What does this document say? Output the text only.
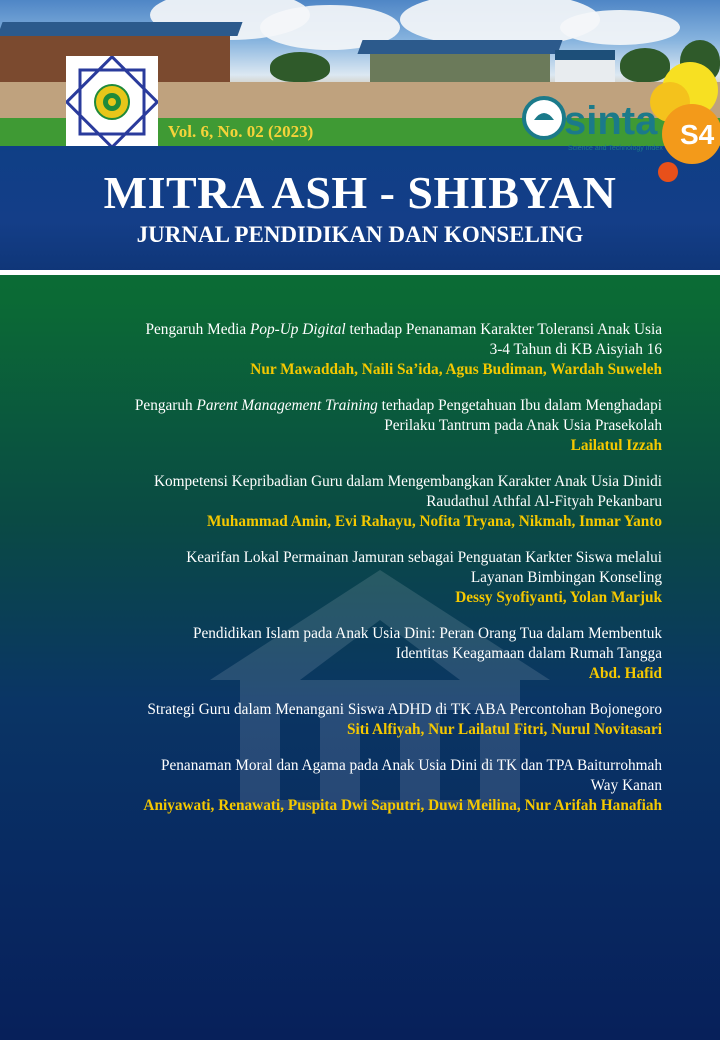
Vol. 6, No. 02 (2023)	sinta
Science and Technology Index S4
MITRA ASH - SHIBYAN
JURNAL PENDIDIKAN DAN KONSELING
Pengaruh Media Pop-Up Digital terhadap Penanaman Karakter Toleransi Anak Usia
3-4 Tahun di KB Aisyiah 16
Nur Mawaddah, Naili Sa’ida, Agus Budiman, Wardah Suweleh
Pengaruh Parent Management Training terhadap Pengetahuan Ibu dalam Menghadapi
Perilaku Tantrum pada Anak Usia Prasekolah
Lailatul Izzah
Kompetensi Kepribadian Guru dalam Mengembangkan Karakter Anak Usia Dinidi
Raudathul Athfal Al-Fityah Pekanbaru
Muhammad Amin, Evi Rahayu, Nofita Tryana, Nikmah, Inmar Yanto
Kearifan Lokal Permainan Jamuran sebagai Penguatan Karkter Siswa melalui
Layanan Bimbingan Konseling
Dessy Syofiyanti, Yolan Marjuk
Pendidikan Islam pada Anak Usia Dini: Peran Orang Tua dalam Membentuk
Identitas Keagamaan dalam Rumah Tangga
Abd. Hafid
Strategi Guru dalam Menangani Siswa ADHD di TK ABA Percontohan Bojonegoro
Siti Alfiyah, Nur Lailatul Fitri, Nurul Novitasari
Penanaman Moral dan Agama pada Anak Usia Dini di TK dan TPA Baiturrohmah
Way Kanan
Aniyawati, Renawati, Puspita Dwi Saputri, Duwi Meilina, Nur Arifah Hanafiah
